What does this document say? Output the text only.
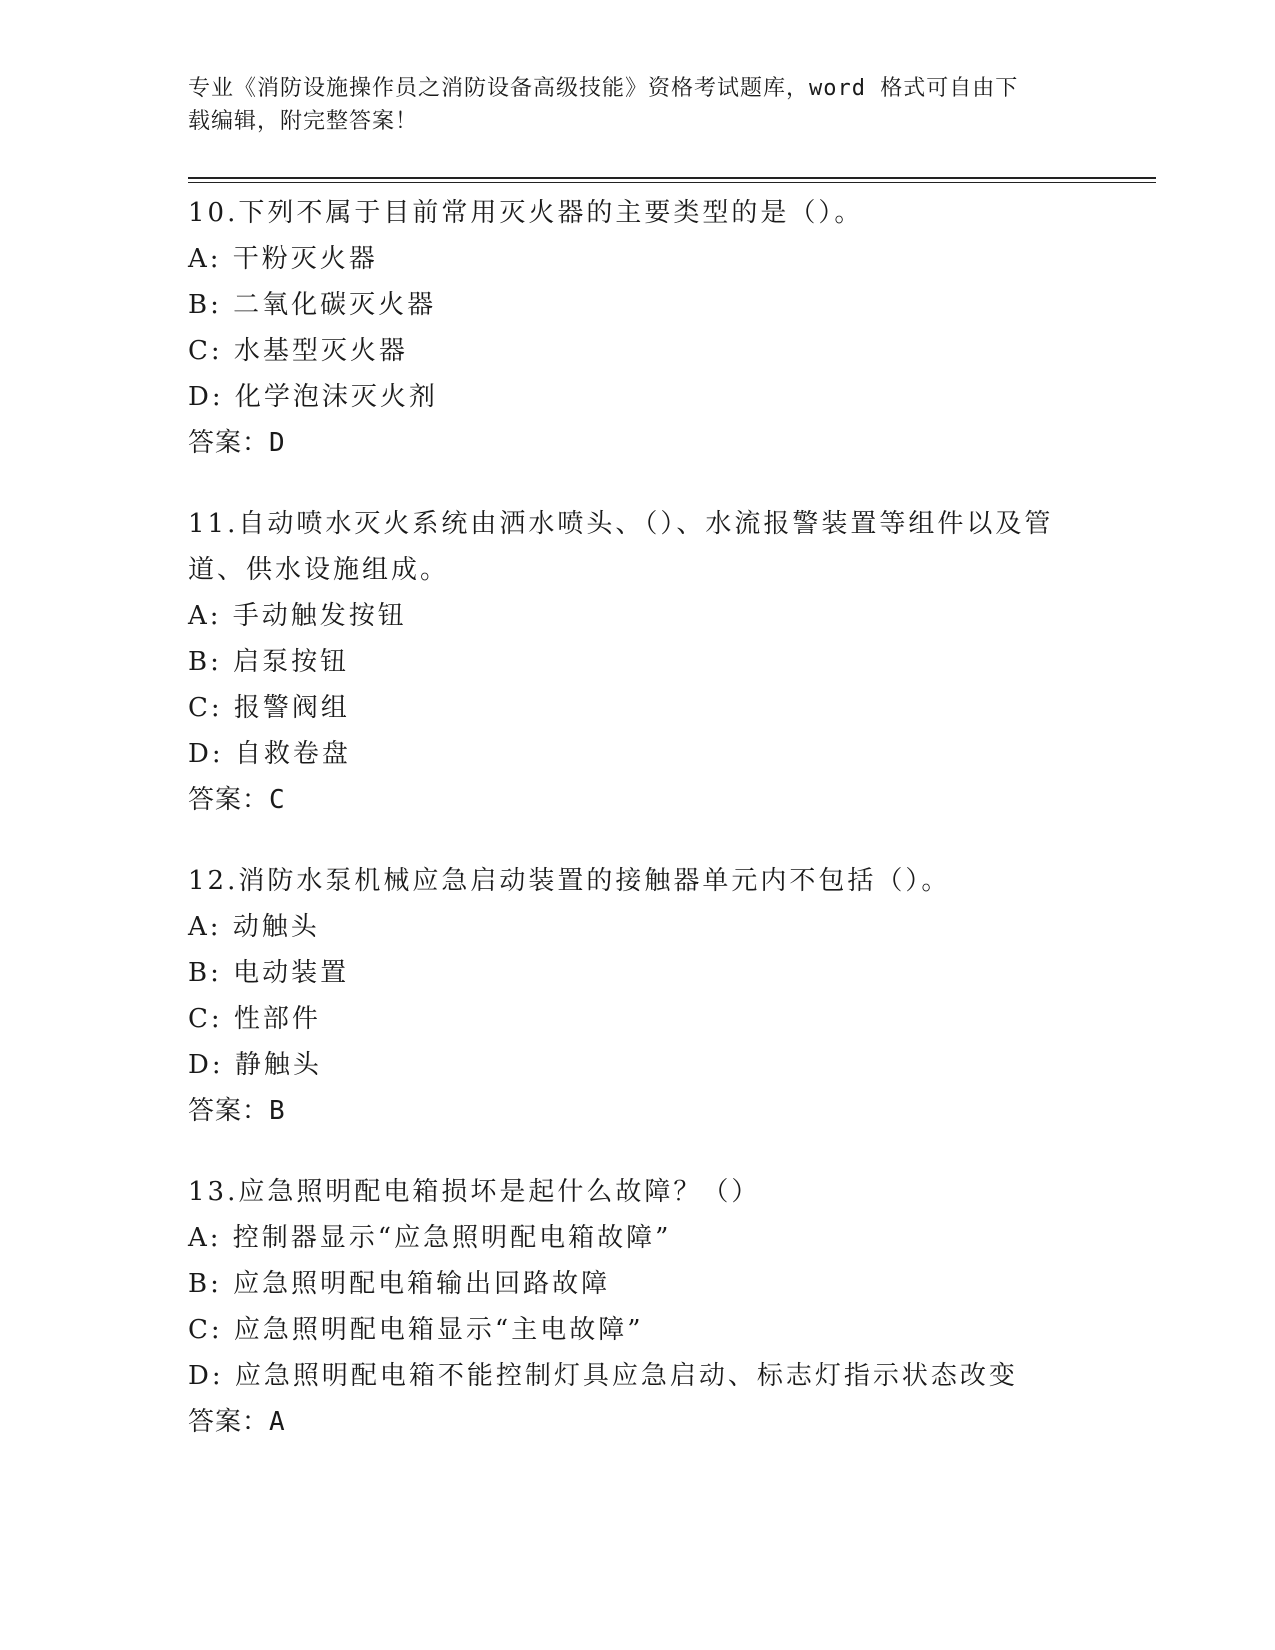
专业《消防设施操作员之消防设备高级技能》资格考试题库，word 格式可自由下
载编辑，附完整答案！
10.下列不属于目前常用灭火器的主要类型的是（）。
A: 干粉灭火器
B: 二氧化碳灭火器
C: 水基型灭火器
D: 化学泡沫灭火剂
答案：D
11.自动喷水灭火系统由洒水喷头、（）、水流报警装置等组件以及管道、供水设施组成。
A: 手动触发按钮
B: 启泵按钮
C: 报警阀组
D: 自救卷盘
答案：C
12.消防水泵机械应急启动装置的接触器单元内不包括（）。
A: 动触头
B: 电动装置
C: 性部件
D: 静触头
答案：B
13.应急照明配电箱损坏是起什么故障？（）
A: 控制器显示“应急照明配电箱故障”
B: 应急照明配电箱输出回路故障
C: 应急照明配电箱显示“主电故障”
D: 应急照明配电箱不能控制灯具应急启动、标志灯指示状态改变
答案：A
